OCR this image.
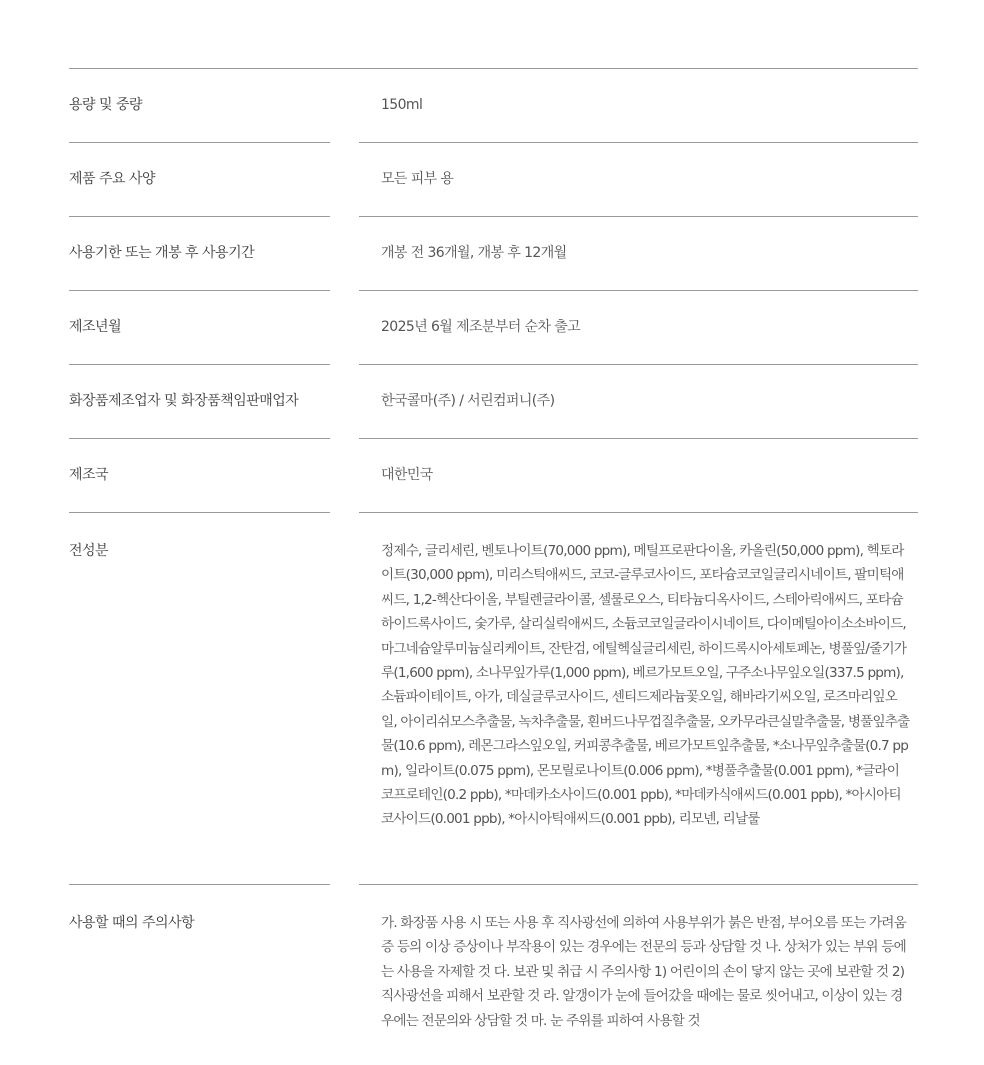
용량 및 중량	150ml
제품 주요 사양	모든 피부 용
사용기한 또는 개봉 후 사용기간	개봉 전 36개월, 개봉 후 12개월
제조년월	2025년 6월 제조분부터 순차 출고
화장품제조업자 및 화장품책임판매업자	한국콜마(주) / 서린컴퍼니(주)
제조국	대한민국
전성분	정제수, 글리세린, 벤토나이트(70,000 ppm), 메틸프로판다이올, 카올린(50,000 ppm), 헥토라이트(30,000 ppm), 미리스틱애씨드, 코코-글루코사이드, 포타슘코코일글리시네이트, 팔미틱애씨드, 1,2-헥산다이올, 부틸렌글라이콜, 셀룰로오스, 티타늄디옥사이드, 스테아릭애씨드, 포타슘하이드록사이드, 숯가루, 살리실릭애씨드, 소듐코코일글라이시네이트, 다이메틸아이소소바이드, 마그네슘알루미늄실리케이트, 잔탄검, 에틸헥실글리세린, 하이드록시아세토페논, 병풀잎/줄기가루(1,600 ppm), 소나무잎가루(1,000 ppm), 베르가모트오일, 구주소나무잎오일(337.5 ppm), 소듐파이테이트, 아가, 데실글루코사이드, 센티드제라늄꽃오일, 해바라기씨오일, 로즈마리잎오일, 아이리쉬모스추출물, 녹차추출물, 흰버드나무껍질추출물, 오카무라큰실말추출물, 병풀잎추출물(10.6 ppm), 레몬그라스잎오일, 커피콩추출물, 베르가모트잎추출물, *소나무잎추출물(0.7 ppm), 일라이트(0.075 ppm), 몬모릴로나이트(0.006 ppm), *병풀추출물(0.001 ppm), *글라이코프로테인(0.2 ppb), *마데카소사이드(0.001 ppb), *마데카식애씨드(0.001 ppb), *아시아티코사이드(0.001 ppb), *아시아틱애씨드(0.001 ppb), 리모넨, 리날룰
사용할 때의 주의사항	가. 화장품 사용 시 또는 사용 후 직사광선에 의하여 사용부위가 붉은 반점, 부어오름 또는 가려움증 등의 이상 증상이나 부작용이 있는 경우에는 전문의 등과 상담할 것 나. 상처가 있는 부위 등에는 사용을 자제할 것 다. 보관 및 취급 시 주의사항 1) 어린이의 손이 닿지 않는 곳에 보관할 것 2) 직사광선을 피해서 보관할 것 라. 알갱이가 눈에 들어갔을 때에는 물로 씻어내고, 이상이 있는 경우에는 전문의와 상담할 것 마. 눈 주위를 피하여 사용할 것
